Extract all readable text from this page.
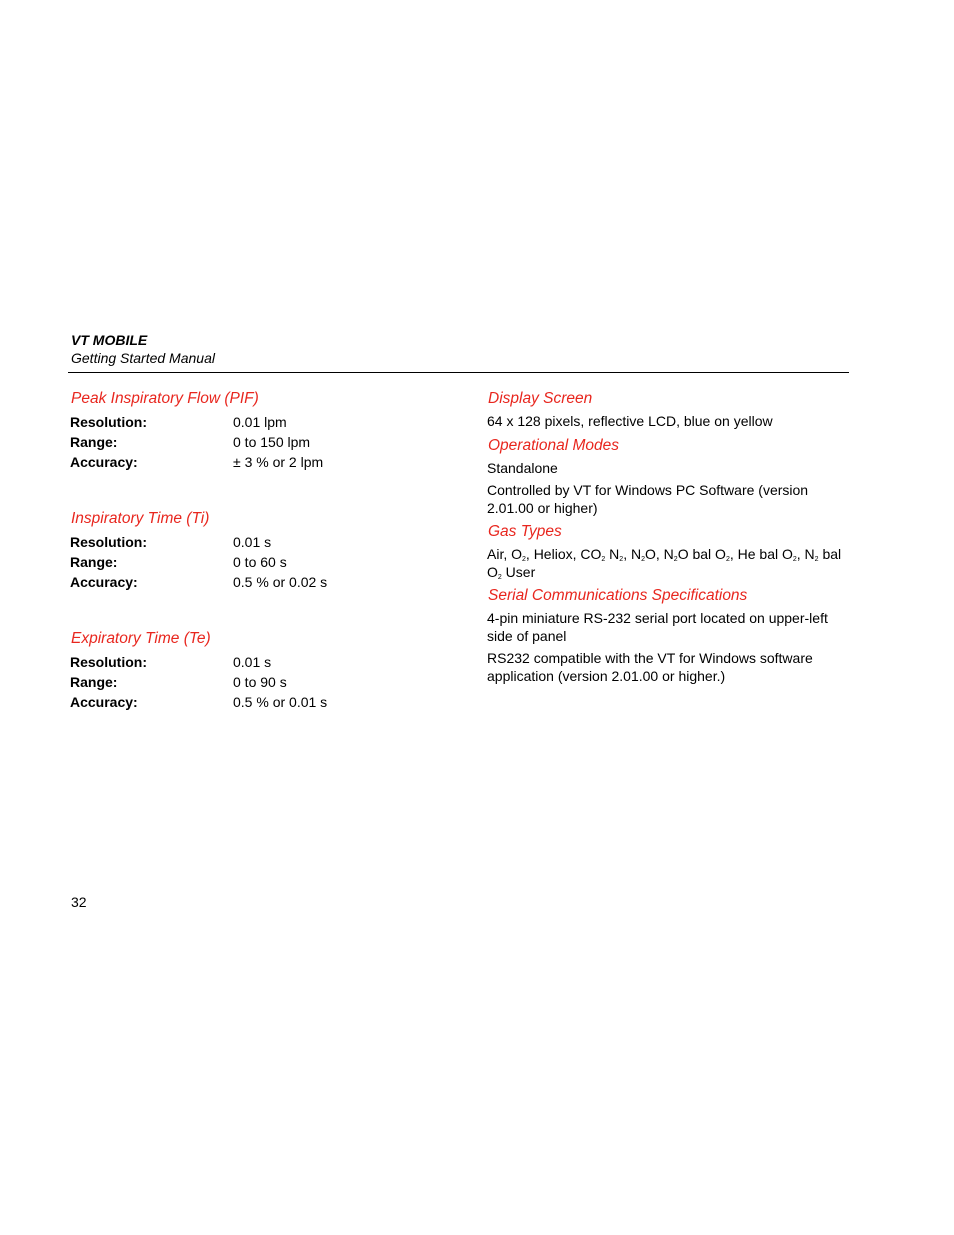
VT MOBILE
Getting Started Manual
Peak Inspiratory Flow (PIF)
Resolution:	0.01 lpm
Range:	0 to 150 lpm
Accuracy:	± 3 % or 2 lpm
Inspiratory Time (Ti)
Resolution:	0.01 s
Range:	0 to 60 s
Accuracy:	0.5 % or 0.02 s
Expiratory Time (Te)
Resolution:	0.01 s
Range:	0 to 90 s
Accuracy:	0.5 % or 0.01 s
Display Screen

64 x 128 pixels, reflective LCD, blue on yellow

Operational Modes

Standalone

Controlled by VT for Windows PC Software (version 2.01.00 or higher)

Gas Types

Air, $O_2$, Heliox, $CO_2$ $N_2$, $N_2O$, $N_2O$ bal $O_2$, He bal $O_2$, $N_2$ bal $O_2$ User

Serial Communications Specifications

4-pin miniature RS-232 serial port located on upper-left side of panel

RS232 compatible with the VT for Windows software application (version 2.01.00 or higher.)

32
